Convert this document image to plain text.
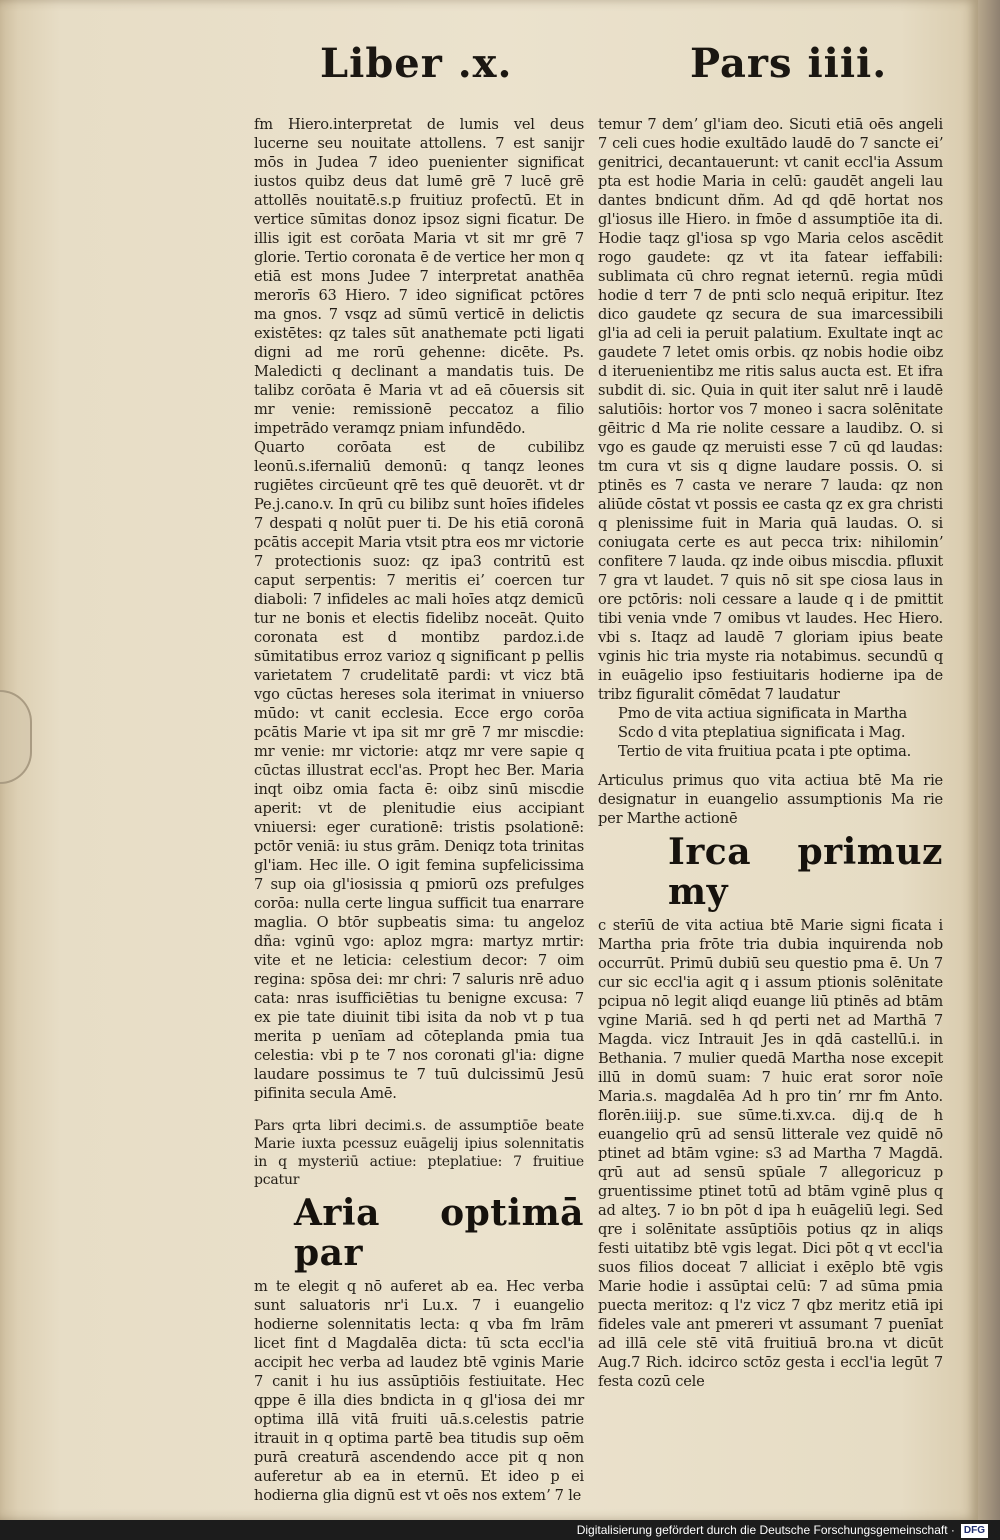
Liber .x.	Pars iiii.

fm Hiero.interpretat de lumis vel deus lucerne seu nouitate attollens. 7 est sanijr mōs in Judea 7 ideo puenienter significat iustos quibz deus dat lumē grē 7 lucē grē attollēs nouitatē.s.p fruitiuz profectū. Et in vertice sūmitas donoz ipsoz signi ficatur. De illis igit est corōata Maria vt sit mr grē 7 glorie. Tertio coronata ē de vertice her mon q etiā est mons Judee 7 interpretat anathēa merorīs 63 Hiero. 7 ideo significat pctōres ma gnos. 7 vsqz ad sūmū verticē in delictis existētes: qz tales sūt anathemate pcti ligati digni ad me rorū gehenne: dicēte. Ps. Maledicti q declinant a mandatis tuis. De talibz corōata ē Maria vt ad eā cōuersis sit mr venie: remissionē peccatoz a filio impetrādo veramqz pniam infundēdo.

Quarto corōata est de cubilibz leonū.s.ifernaliū demonū: q tanqz leones rugiētes circūeunt qrē tes quē deuorēt. vt dr Pe.j.cano.v. In qrū cu bilibz sunt hoīes ifideles 7 despati q nolūt puer ti. De his etiā coronā pcātis accepit Maria vtsit ptra eos mr victorie 7 protectionis suoz: qz ipa3 contritū est caput serpentis: 7 meritis eiʼ coercen tur diaboli: 7 infideles ac mali hoīes atqz demicū tur ne bonis et electis fidelibz noceāt. Quito coronata est d montibz pardoz.i.de sūmitatibus erroz varioz q significant p pellis varietatem 7 crudelitatē pardi: vt vicz btā vgo cūctas hereses sola iterimat in vniuerso mūdo: vt canit ecclesia. Ecce ergo corōa pcātis Marie vt ipa sit mr grē 7 mr miscdie: mr venie: mr victorie: atqz mr vere sapie q cūctas illustrat eccl'as. Propt hec Ber. Maria inqt oibz omia facta ē: oibz sinū miscdie aperit: vt de plenitudie eius accipiant vniuersi: eger curationē: tristis psolationē: pctōr veniā: iu stus grām. Deniqz tota trinitas gl'iam. Hec ille. O igit femina supfelicissima 7 sup oia gl'iosissia q pmiorū ozs prefulges corōa: nulla certe lingua sufficit tua enarrare maglia. O btōr supbeatis sima: tu angeloz dña: vginū vgo: aploz mgra: martyz mrtir: vite et ne leticia: celestium decor: 7 oim regina: spōsa dei: mr chri: 7 saluris nrē aduo cata: nras isufficiētias tu benigne excusa: 7 ex pie tate diuinit tibi isita da nob vt p tua merita p uenīam ad cōteplanda pmia tua celestia: vbi p te 7 nos coronati gl'ia: digne laudare possimus te 7 tuū dulcissimū Jesū pifinita secula Amē.

Pars qrta libri decimi.s. de assumptiōe beate Marie iuxta pcessuz euāgelij ipius solennitatis in q mysteriū actiue: pteplatiue: 7 fruitiue pcatur

Aria optimā par

m te elegit q nō auferet ab ea. Hec verba sunt saluatoris nr'i Lu.x. 7 i euangelio hodierne solennitatis lecta: q vba fm lrām licet fint d Magdalēa dicta: tū scta eccl'ia accipit hec verba ad laudez btē vginis Marie 7 canit i hu ius assūptiōis festiuitate. Hec qppe ē illa dies bndicta in q gl'iosa dei mr optima illā vitā fruiti uā.s.celestis patrie itrauit in q optima partē bea titudis sup oēm purā creaturā ascendendo acce pit q non auferetur ab ea in eternū. Et ideo p ei hodierna glia dignū est vt oēs nos extemʼ 7 le

temur 7 demʼ gl'iam deo. Sicuti etiā oēs angeli 7 celi cues hodie exultādo laudē do 7 sancte eiʼ genitrici, decantauerunt: vt canit eccl'ia Assum pta est hodie Maria in celū: gaudēt angeli lau dantes bndicunt dñm. Ad qd qdē hortat nos gl'iosus ille Hiero. in fmōe d assumptiōe ita di. Hodie taqz gl'iosa sp vgo Maria celos ascēdit rogo gaudete: qz vt ita fatear ieffabili: sublimata cū chro regnat ieternū. regia mūdi hodie d terr 7 de pnti sclo nequā eripitur. Itez dico gaudete qz secura de sua imarcessibili gl'ia ad celi ia peruit palatium. Exultate inqt ac gaudete 7 letet omis orbis. qz nobis hodie oibz d iteruenientibz me ritis salus aucta est. Et ifra subdit di. sic. Quia in quit iter salut nrē i laudē salutiōis: hortor vos 7 moneo i sacra solēnitate gēitric d Ma rie nolite cessare a laudibz. O. si vgo es gaude qz meruisti esse 7 cū qd laudas: tm cura vt sis q digne laudare possis. O. si ptinēs es 7 casta ve nerare 7 lauda: qz non aliūde cōstat vt possis ee casta qz ex gra christi q plenissime fuit in Maria quā laudas. O. si coniugata certe es aut pecca trix: nihilominʼ confitere 7 lauda. qz inde oibus miscdia. pfluxit 7 gra vt laudet. 7 quis nō sit spe ciosa laus in ore pctōris: noli cessare a laude q i de pmittit tibi venia vnde 7 omibus vt laudes. Hec Hiero. vbi s. Itaqz ad laudē 7 gloriam ipius beate vginis hic tria myste ria notabimus. secundū q in euāgelio ipso festiuitaris hodierne ipa de tribz figuralit cōmēdat 7 laudatur

Pmo de vita actiua significata in Martha

Scdo d vita pteplatiua significata i Mag.

Tertio de vita fruitiua pcata i pte optima.

Articulus primus quo vita actiua btē Ma rie designatur in euangelio assumptionis Ma rie per Marthe actionē

Irca primuz my

c sterīū de vita actiua btē Marie signi ficata i Martha pria frōte tria dubia inquirenda nob occurrūt. Primū dubiū seu questio pma ē. Un 7 cur sic eccl'ia agit q i assum ptionis solēnitate pcipua nō legit aliqd euange liū ptinēs ad btām vgine Mariā. sed h qd perti net ad Marthā 7 Magda. vicz Intrauit Jes in qdā castellū.i. in Bethania. 7 mulier quedā Martha nose excepit illū in domū suam: 7 huic erat soror noīe Maria.s. magdalēa Ad h pro tinʼ rnr fm Anto. florēn.iiij.p. sue sūme.ti.xv.ca. dij.q de h euangelio qrū ad sensū litterale vez quidē nō ptinet ad btām vgine: s3 ad Martha 7 Magdā. qrū aut ad sensū spūale 7 allegoricuz p gruentissime ptinet totū ad btām vginē plus q ad alteʒ. 7 io bn pōt d ipa h euāgeliū legi. Sed qre i solēnitate assūptiōis potius qz in aliqs festi uitatibz btē vgis legat. Dici pōt q vt eccl'ia suos filios doceat 7 alliciat i exēplo btē vgis Marie hodie i assūptai celū: 7 ad sūma pmia puecta meritoz: q l'z vicz 7 qbz meritz etiā ipi fideles vale ant pmereri vt assumant 7 puenīat ad illā cele stē vitā fruitiuā bro.na vt dicūt Aug.7 Rich. idcirco sctōz gesta i eccl'ia legūt 7 festa cozū cele

Digitalisierung gefördert durch die Deutsche Forschungsgemeinschaft · DFG
